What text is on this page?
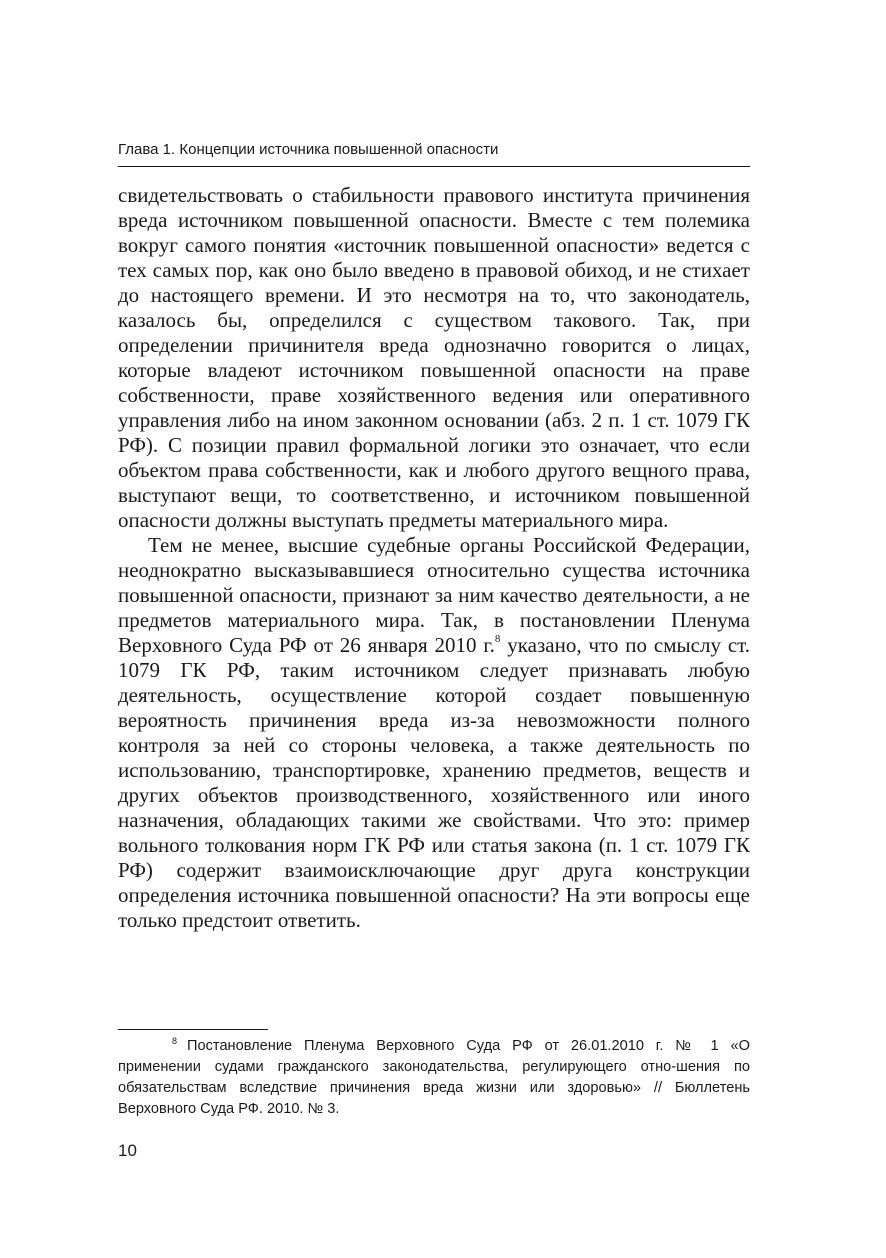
Глава 1. Концепции источника повышенной опасности

свидетельствовать о стабильности правового института причинения вреда источником повышенной опасности. Вместе с тем полемика вокруг самого понятия «источник повышенной опасности» ведется с тех самых пор, как оно было введено в правовой обиход, и не стихает до настоящего времени. И это несмотря на то, что законодатель, казалось бы, определился с существом такового. Так, при определении причинителя вреда однозначно говорится о лицах, которые владеют источником повышенной опасности на праве собственности, праве хозяйственного ведения или оперативного управления либо на ином законном основании (абз. 2 п. 1 ст. 1079 ГК РФ). С позиции правил формальной логики это означает, что если объектом права собственности, как и любого другого вещного права, выступают вещи, то соответственно, и источником повышенной опасности должны выступать предметы материального мира.

Тем не менее, высшие судебные органы Российской Федерации, неоднократно высказывавшиеся относительно существа источника повышенной опасности, признают за ним качество деятельности, а не предметов материального мира. Так, в постановлении Пленума Верховного Суда РФ от 26 января 2010 г.$^8$ указано, что по смыслу ст. 1079 ГК РФ, таким источником следует признавать любую деятельность, осуществление которой создает повышенную вероятность причинения вреда из-за невозможности полного контроля за ней со стороны человека, а также деятельность по использованию, транспортировке, хранению предметов, веществ и других объектов производственного, хозяйственного или иного назначения, обладающих такими же свойствами. Что это: пример вольного толкования норм ГК РФ или статья закона (п. 1 ст. 1079 ГК РФ) содержит взаимоисключающие друг друга конструкции определения источника повышенной опасности? На эти вопросы еще только предстоит ответить.

$^8$ Постановление Пленума Верховного Суда РФ от 26.01.2010 г. № 1 «О применении судами гражданского законодательства, регулирующего отно-шения по обязательствам вследствие причинения вреда жизни или здоровью» // Бюллетень Верховного Суда РФ. 2010. № 3.

10
